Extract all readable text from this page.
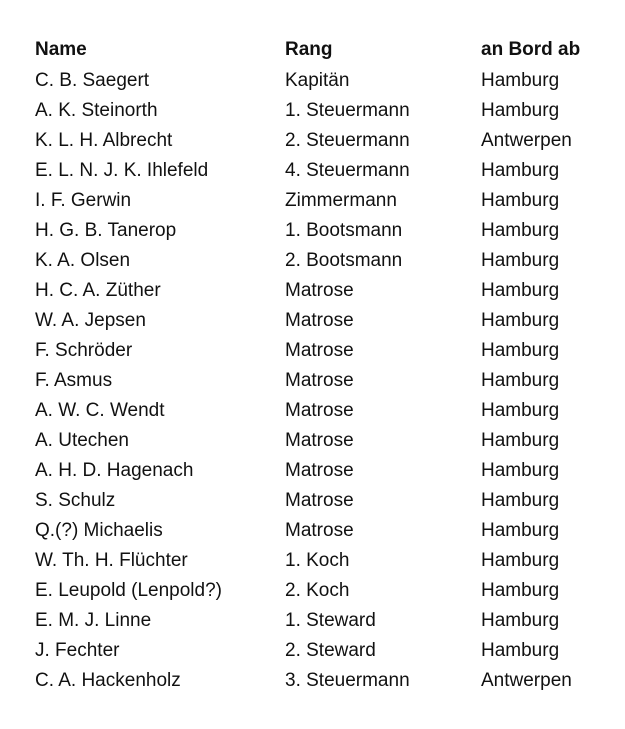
Name	Rang	an Bord ab
C. B. Saegert	Kapitän	Hamburg
A. K. Steinorth	1. Steuermann	Hamburg
K. L. H. Albrecht	2. Steuermann	Antwerpen
E. L. N. J. K. Ihlefeld	4. Steuermann	Hamburg
I. F. Gerwin	Zimmermann	Hamburg
H. G. B. Tanerop	1. Bootsmann	Hamburg
K. A. Olsen	2. Bootsmann	Hamburg
H. C. A. Züther	Matrose	Hamburg
W. A. Jepsen	Matrose	Hamburg
F. Schröder	Matrose	Hamburg
F. Asmus	Matrose	Hamburg
A. W. C. Wendt	Matrose	Hamburg
A. Utechen	Matrose	Hamburg
A. H. D. Hagenach	Matrose	Hamburg
S. Schulz	Matrose	Hamburg
Q.(?) Michaelis	Matrose	Hamburg
W. Th. H. Flüchter	1. Koch	Hamburg
E. Leupold (Lenpold?)	2. Koch	Hamburg
E. M. J. Linne	1. Steward	Hamburg
J. Fechter	2. Steward	Hamburg
C. A. Hackenholz	3. Steuermann	Antwerpen
